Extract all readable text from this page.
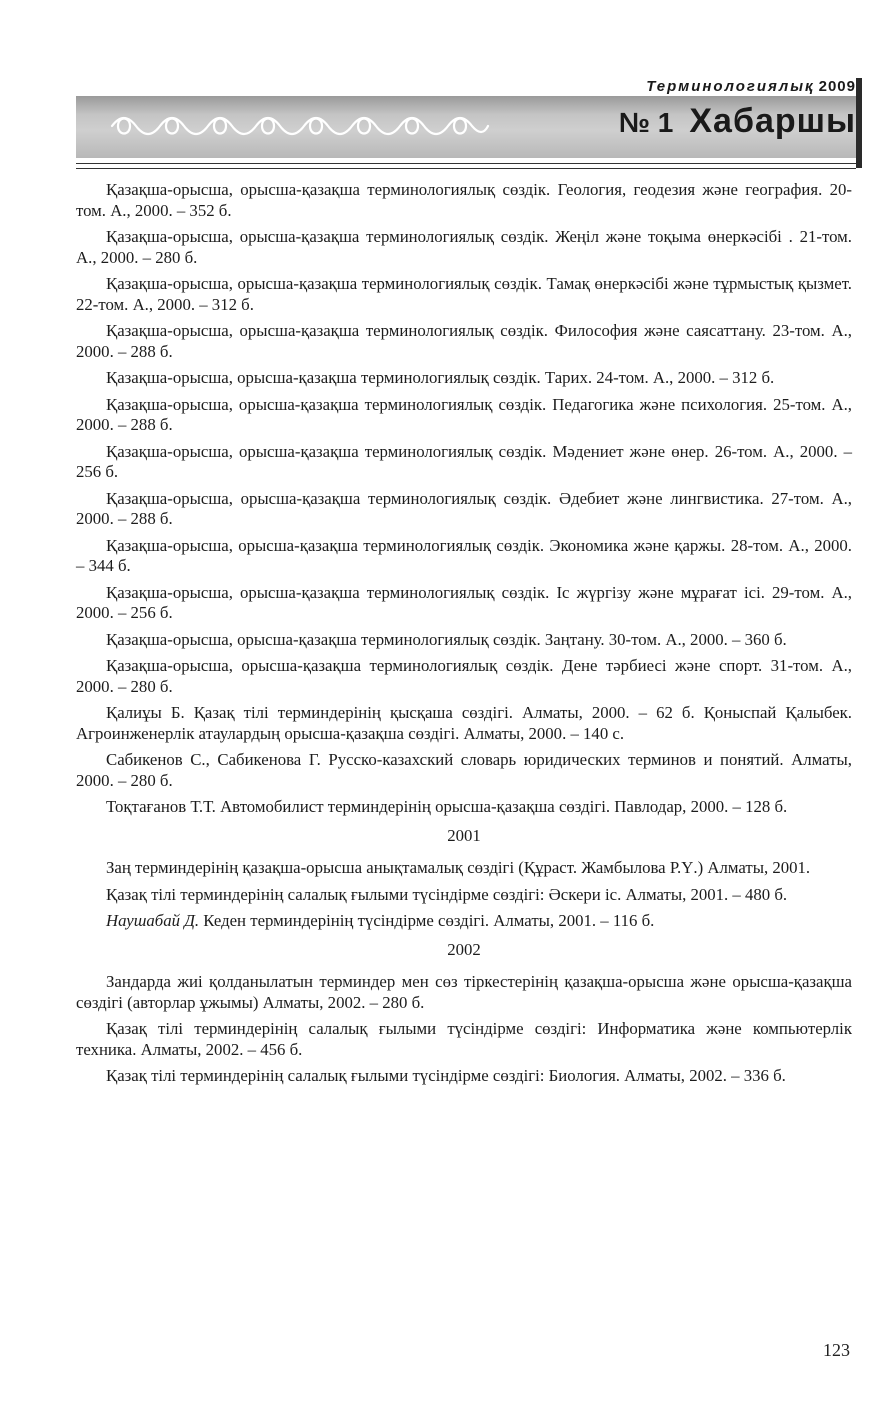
Терминологиялық 2009
№ 1 Хабаршы

Қазақша-орысша, орысша-қазақша терминологиялық сөздік. Геология, геодезия және география. 20-том. А., 2000. – 352 б.

Қазақша-орысша, орысша-қазақша терминологиялық сөздік. Жеңіл және тоқыма өнеркәсібі . 21-том. А., 2000. – 280 б.

Қазақша-орысша, орысша-қазақша терминологиялық сөздік. Тамақ өнеркәсібі және тұрмыстық қызмет. 22-том. А., 2000. – 312 б.

Қазақша-орысша, орысша-қазақша терминологиялық сөздік. Философия және саясаттану. 23-том. А., 2000. – 288 б.

Қазақша-орысша, орысша-қазақша терминологиялық сөздік. Тарих. 24-том. А., 2000. – 312 б.

Қазақша-орысша, орысша-қазақша терминологиялық сөздік. Педагогика және психология. 25-том. А., 2000. – 288 б.

Қазақша-орысша, орысша-қазақша терминологиялық сөздік. Мәдениет және өнер. 26-том. А., 2000. – 256 б.

Қазақша-орысша, орысша-қазақша терминологиялық сөздік. Әдебиет және лингвистика. 27-том. А., 2000. – 288 б.

Қазақша-орысша, орысша-қазақша терминологиялық сөздік. Экономика және қаржы. 28-том. А., 2000. – 344 б.

Қазақша-орысша, орысша-қазақша терминологиялық сөздік. Іс жүргізу және мұрағат ісі. 29-том. А., 2000. – 256 б.

Қазақша-орысша, орысша-қазақша терминологиялық сөздік. Заңтану. 30-том. А., 2000. – 360 б.

Қазақша-орысша, орысша-қазақша терминологиялық сөздік. Дене тәрбиесі және спорт. 31-том. А., 2000. – 280 б.

Қалиұы Б. Қазақ тілі терминдерінің қысқаша сөздігі. Алматы, 2000. – 62 б. Қоныспай Қалыбек. Агроинженерлік атаулардың орысша-қазақша сөздігі. Алматы, 2000. – 140 с.

Сабикенов С., Сабикенова Г. Русско-казахский словарь юридических терминов и понятий. Алматы, 2000. – 280 б.

Тоқтағанов Т.Т. Автомобилист терминдерінің орысша-қазақша сөздігі. Павлодар, 2000. – 128 б.

2001

Заң терминдерінің қазақша-орысша анықтамалық сөздігі (Құраст. Жамбылова Р.Ү.) Алматы, 2001.

Қазақ тілі терминдерінің салалық ғылыми түсіндірме сөздігі: Әскери іс. Алматы, 2001. – 480 б.

Наушабай Д. Кеден терминдерінің түсіндірме сөздігі. Алматы, 2001. – 116 б.

2002

Зандарда жиі қолданылатын терминдер мен сөз тіркестерінің қазақша-орысша және орысша-қазақша сөздігі (авторлар ұжымы) Алматы, 2002. – 280 б.

Қазақ тілі терминдерінің салалық ғылыми түсіндірме сөздігі: Информатика және компьютерлік техника. Алматы, 2002. – 456 б.

Қазақ тілі терминдерінің салалық ғылыми түсіндірме сөздігі: Биология. Алматы, 2002. – 336 б.

123
